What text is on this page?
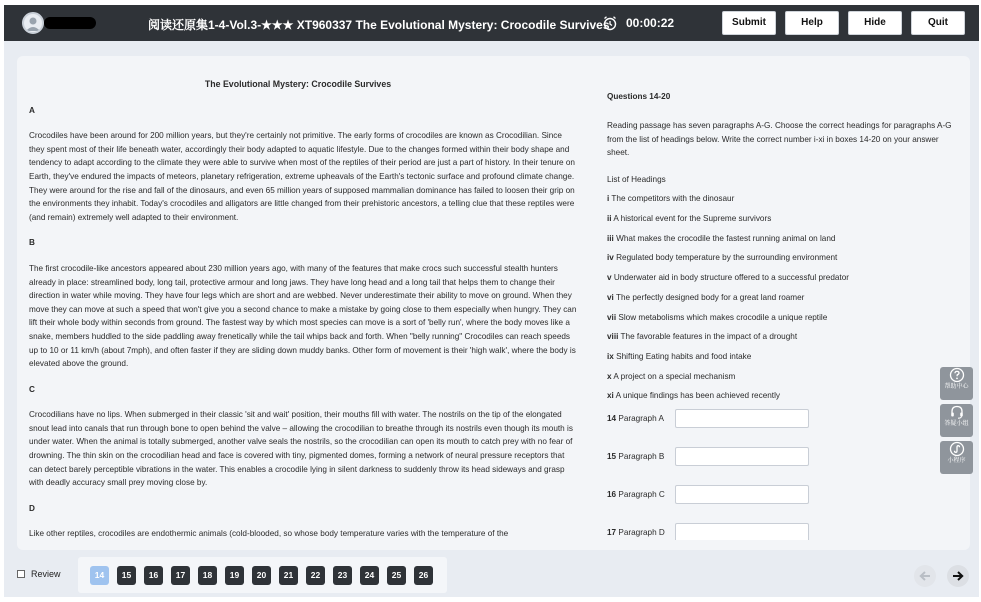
阅读还原集1-4-Vol.3-★★★ XT960337 The Evolutional Mystery: Crocodile Survives 00:00:22	Submit	Help	Hide	Quit
The Evolutional Mystery: Crocodile Survives
A
Crocodiles have been around for 200 million years, but they're certainly not primitive. The early forms of crocodiles are known as Crocodilian. Since they spent most of their life beneath water, accordingly their body adapted to aquatic lifestyle. Due to the changes formed within their body shape and tendency to adapt according to the climate they were able to survive when most of the reptiles of their period are just a part of history. In their tenure on Earth, they've endured the impacts of meteors, planetary refrigeration, extreme upheavals of the Earth's tectonic surface and profound climate change. They were around for the rise and fall of the dinosaurs, and even 65 million years of supposed mammalian dominance has failed to loosen their grip on the environments they inhabit. Today's crocodiles and alligators are little changed from their prehistoric ancestors, a telling clue that these reptiles were (and remain) extremely well adapted to their environment.
B
The first crocodile-like ancestors appeared about 230 million years ago, with many of the features that make crocs such successful stealth hunters already in place: streamlined body, long tail, protective armour and long jaws. They have long head and a long tail that helps them to change their direction in water while moving. They have four legs which are short and are webbed. Never underestimate their ability to move on ground. When they move they can move at such a speed that won't give you a second chance to make a mistake by going close to them especially when hungry. They can lift their whole body within seconds from ground. The fastest way by which most species can move is a sort of 'belly run', where the body moves like a snake, members huddled to the side paddling away frenetically while the tail whips back and forth. When "belly running" Crocodiles can reach speeds up to 10 or 11 km/h (about 7mph), and often faster if they are sliding down muddy banks. Other form of movement is their 'high walk', where the body is elevated above the ground.
C
Crocodilians have no lips. When submerged in their classic 'sit and wait' position, their mouths fill with water. The nostrils on the tip of the elongated snout lead into canals that run through bone to open behind the valve – allowing the crocodilian to breathe through its nostrils even though its mouth is under water. When the animal is totally submerged, another valve seals the nostrils, so the crocodilian can open its mouth to catch prey with no fear of drowning. The thin skin on the crocodilian head and face is covered with tiny, pigmented domes, forming a network of neural pressure receptors that can detect barely perceptible vibrations in the water. This enables a crocodile lying in silent darkness to suddenly throw its head sideways and grasp with deadly accuracy small prey moving close by.
D
Like other reptiles, crocodiles are endothermic animals (cold-blooded, so whose body temperature varies with the temperature of the
Questions 14-20
Reading passage has seven paragraphs A-G. Choose the correct headings for paragraphs A-G from the list of headings below. Write the correct number i-xi in boxes 14-20 on your answer sheet.
List of Headings
i The competitors with the dinosaur
ii A historical event for the Supreme survivors
iii What makes the crocodile the fastest running animal on land
iv Regulated body temperature by the surrounding environment
v Underwater aid in body structure offered to a successful predator
vi The perfectly designed body for a great land roamer
vii Slow metabolisms which makes crocodile a unique reptile
viii The favorable features in the impact of a drought
ix Shifting Eating habits and food intake
x A project on a special mechanism
xi A unique findings has been achieved recently
14 Paragraph A
15 Paragraph B
16 Paragraph C
17 Paragraph D
帮助中心
答疑小组
小程序
Review	14	15	16	17	18	19	20	21	22	23	24	25	26
